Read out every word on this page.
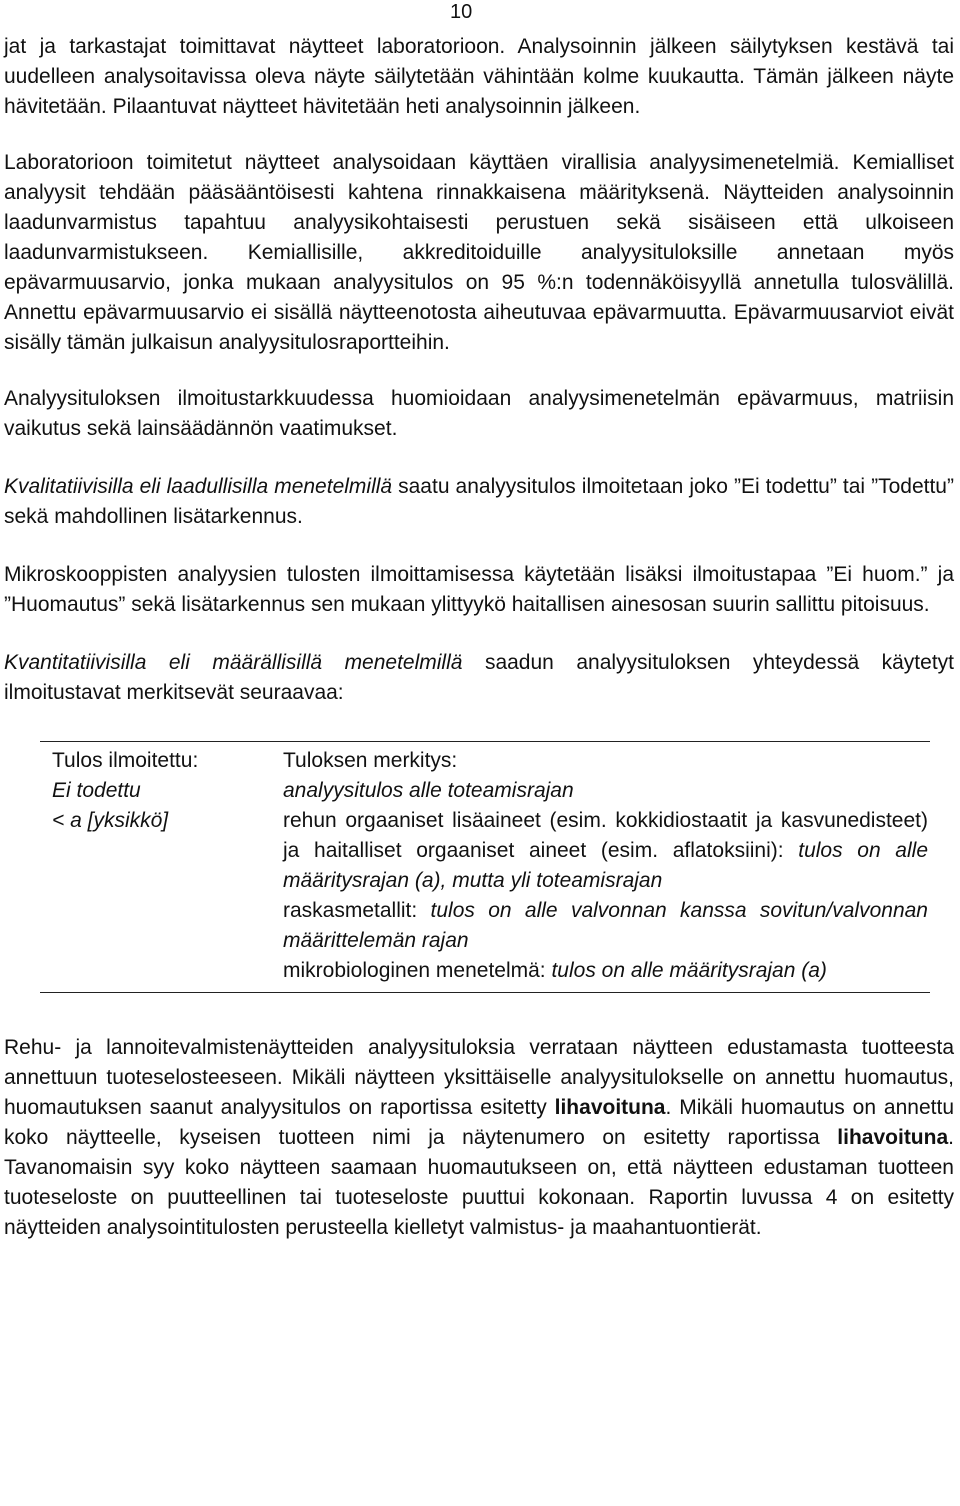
10

jat ja tarkastajat toimittavat näytteet laboratorioon. Analysoinnin jälkeen säilytyksen kestävä tai uudelleen analysoitavissa oleva näyte säilytetään vähintään kolme kuukautta. Tämän jälkeen näyte hävitetään. Pilaantuvat näytteet hävitetään heti analysoinnin jälkeen.

Laboratorioon toimitetut näytteet analysoidaan käyttäen virallisia analyysimenetelmiä. Kemialliset analyysit tehdään pääsääntöisesti kahtena rinnakkaisena määrityksenä. Näytteiden analysoinnin laadunvarmistus tapahtuu analyysikohtaisesti perustuen sekä sisäiseen että ulkoiseen laadunvarmistukseen. Kemiallisille, akkreditoiduille analyysituloksille annetaan myös epävarmuusarvio, jonka mukaan analyysitulos on 95 %:n todennäköisyyllä annetulla tulosvälillä. Annettu epävarmuusarvio ei sisällä näytteenotosta aiheutuvaa epävarmuutta. Epävarmuusarviot eivät sisälly tämän julkaisun analyysitulosraportteihin.

Analyysituloksen ilmoitustarkkuudessa huomioidaan analyysimenetelmän epävarmuus, matriisin vaikutus sekä lainsäädännön vaatimukset.

Kvalitatiivisilla eli laadullisilla menetelmillä saatu analyysitulos ilmoitetaan joko ”Ei todettu” tai ”Todettu” sekä mahdollinen lisätarkennus.

Mikroskooppisten analyysien tulosten ilmoittamisessa käytetään lisäksi ilmoitustapaa ”Ei huom.” ja ”Huomautus” sekä lisätarkennus sen mukaan ylittyykö haitallisen ainesosan suurin sallittu pitoisuus.

Kvantitatiivisilla eli määrällisillä menetelmillä saadun analyysituloksen yhteydessä käytetyt ilmoitustavat merkitsevät seuraavaa:

Tulos ilmoitettu:	Tuloksen merkitys:
Ei todettu	analyysitulos alle toteamisrajan
< a [yksikkö]	rehun orgaaniset lisäaineet (esim. kokkidiostaatit ja kasvunedisteet) ja haitalliset orgaaniset aineet (esim. aflatoksiini): tulos on alle määritysrajan (a), mutta yli toteamisrajan
raskasmetallit: tulos on alle valvonnan kanssa sovitun/valvonnan määrittelemän rajan
mikrobiologinen menetelmä: tulos on alle määritysrajan (a)

Rehu- ja lannoitevalmistenäytteiden analyysituloksia verrataan näytteen edustamasta tuotteesta annettuun tuoteselosteeseen. Mikäli näytteen yksittäiselle analyysitulokselle on annettu huomautus, huomautuksen saanut analyysitulos on raportissa esitetty lihavoituna. Mikäli huomautus on annettu koko näytteelle, kyseisen tuotteen nimi ja näytenumero on esitetty raportissa lihavoituna. Tavanomaisin syy koko näytteen saamaan huomautukseen on, että näytteen edustaman tuotteen tuoteseloste on puutteellinen tai tuoteseloste puuttui kokonaan. Raportin luvussa 4 on esitetty näytteiden analysointitulosten perusteella kielletyt valmistus- ja maahantuontierät.
